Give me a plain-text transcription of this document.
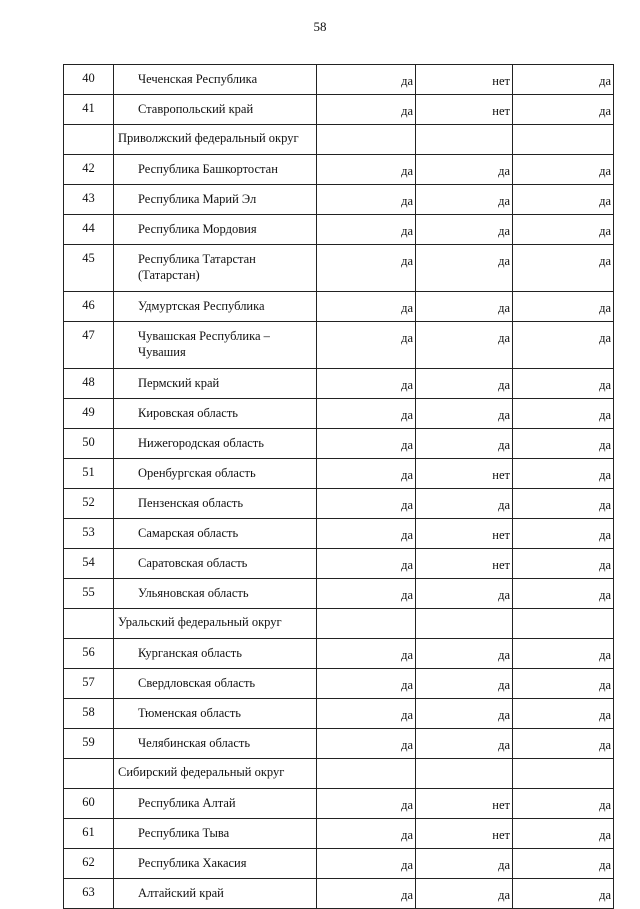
58
40	Чеченская Республика	да	нет	да
41	Ставропольский край	да	нет	да
	Приволжский федеральный округ			
42	Республика Башкортостан	да	да	да
43	Республика Марий Эл	да	да	да
44	Республика Мордовия	да	да	да
45	Республика Татарстан (Татарстан)	да	да	да
46	Удмуртская Республика	да	да	да
47	Чувашская Республика – Чувашия	да	да	да
48	Пермский край	да	да	да
49	Кировская область	да	да	да
50	Нижегородская область	да	да	да
51	Оренбургская область	да	нет	да
52	Пензенская область	да	да	да
53	Самарская область	да	нет	да
54	Саратовская область	да	нет	да
55	Ульяновская область	да	да	да
	Уральский федеральный округ			
56	Курганская область	да	да	да
57	Свердловская область	да	да	да
58	Тюменская область	да	да	да
59	Челябинская область	да	да	да
	Сибирский федеральный округ			
60	Республика Алтай	да	нет	да
61	Республика Тыва	да	нет	да
62	Республика Хакасия	да	да	да
63	Алтайский край	да	да	да
